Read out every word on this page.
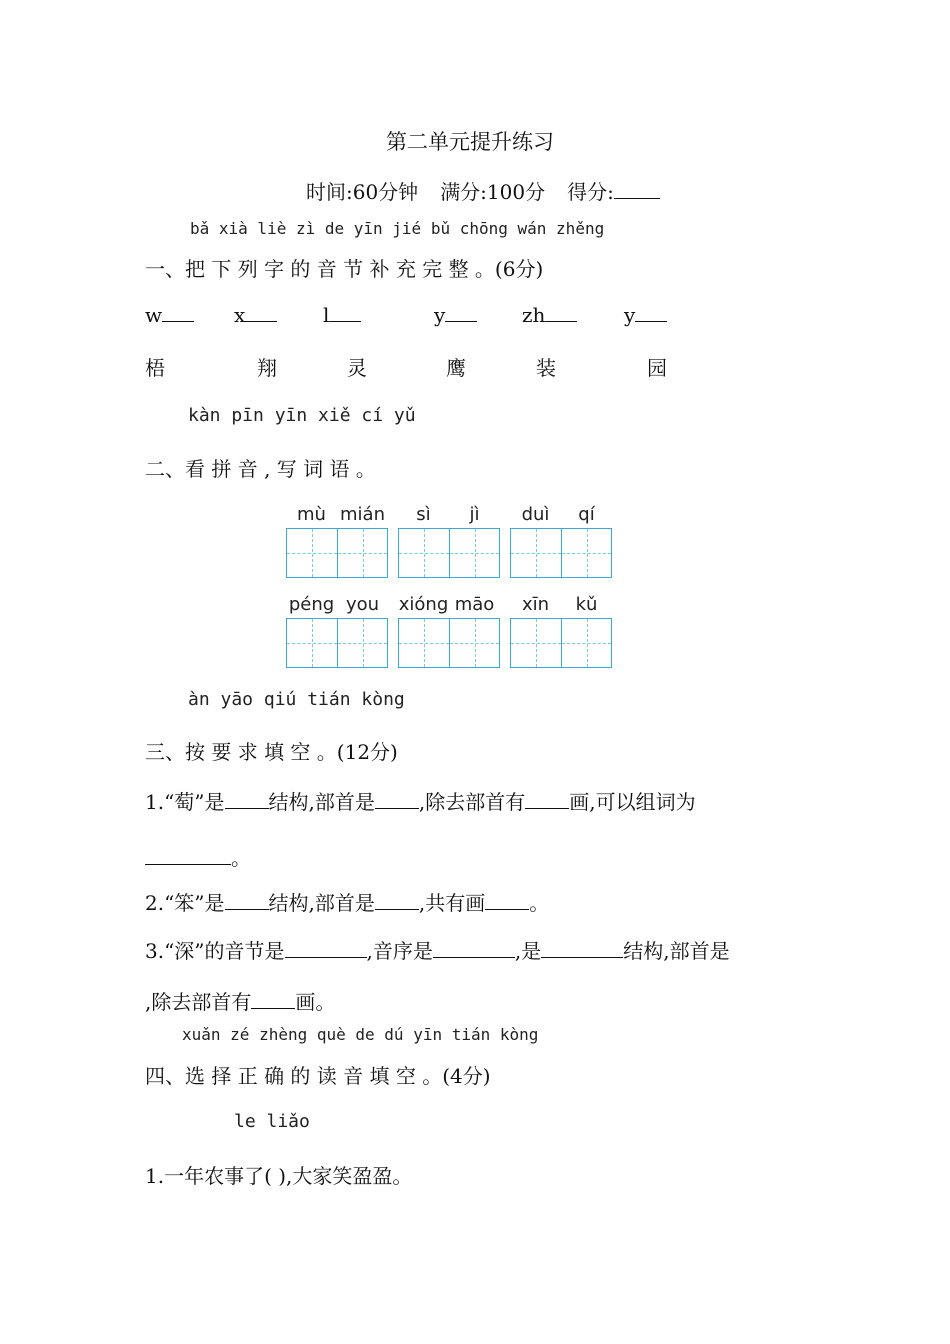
第二单元提升练习
时间:60分钟 满分:100分 得分:
bǎ xià liè zì de yīn jié bǔ chōng wán zhěng
一、把 下 列 字 的 音 节 补 充 完 整 。(6分)
w	x	l	y	zh	y
梧	翔	灵	鹰	装	园
kàn pīn yīn xiě cí yǔ
二、看 拼 音 , 写 词 语 。
mù mián	sì	jì	duì	qí
péng you	xióng māo	xīn	kǔ
àn yāo qiú tián kòng
三、按 要 求 填 空 。(12分)
1.“萄”是 结构,部首是 ,除去部首有 画,可以组词为
。
2.“笨”是 结构,部首是 ,共有画 。
3.“深”的音节是	,音序是	,是	结构,部首是
,除去部首有 画。
xuǎn zé zhèng què de dú yīn tián kòng
四、选 择 正 确 的 读 音 填 空 。(4分)
le liǎo
1.一年农事了( ),大家笑盈盈。
